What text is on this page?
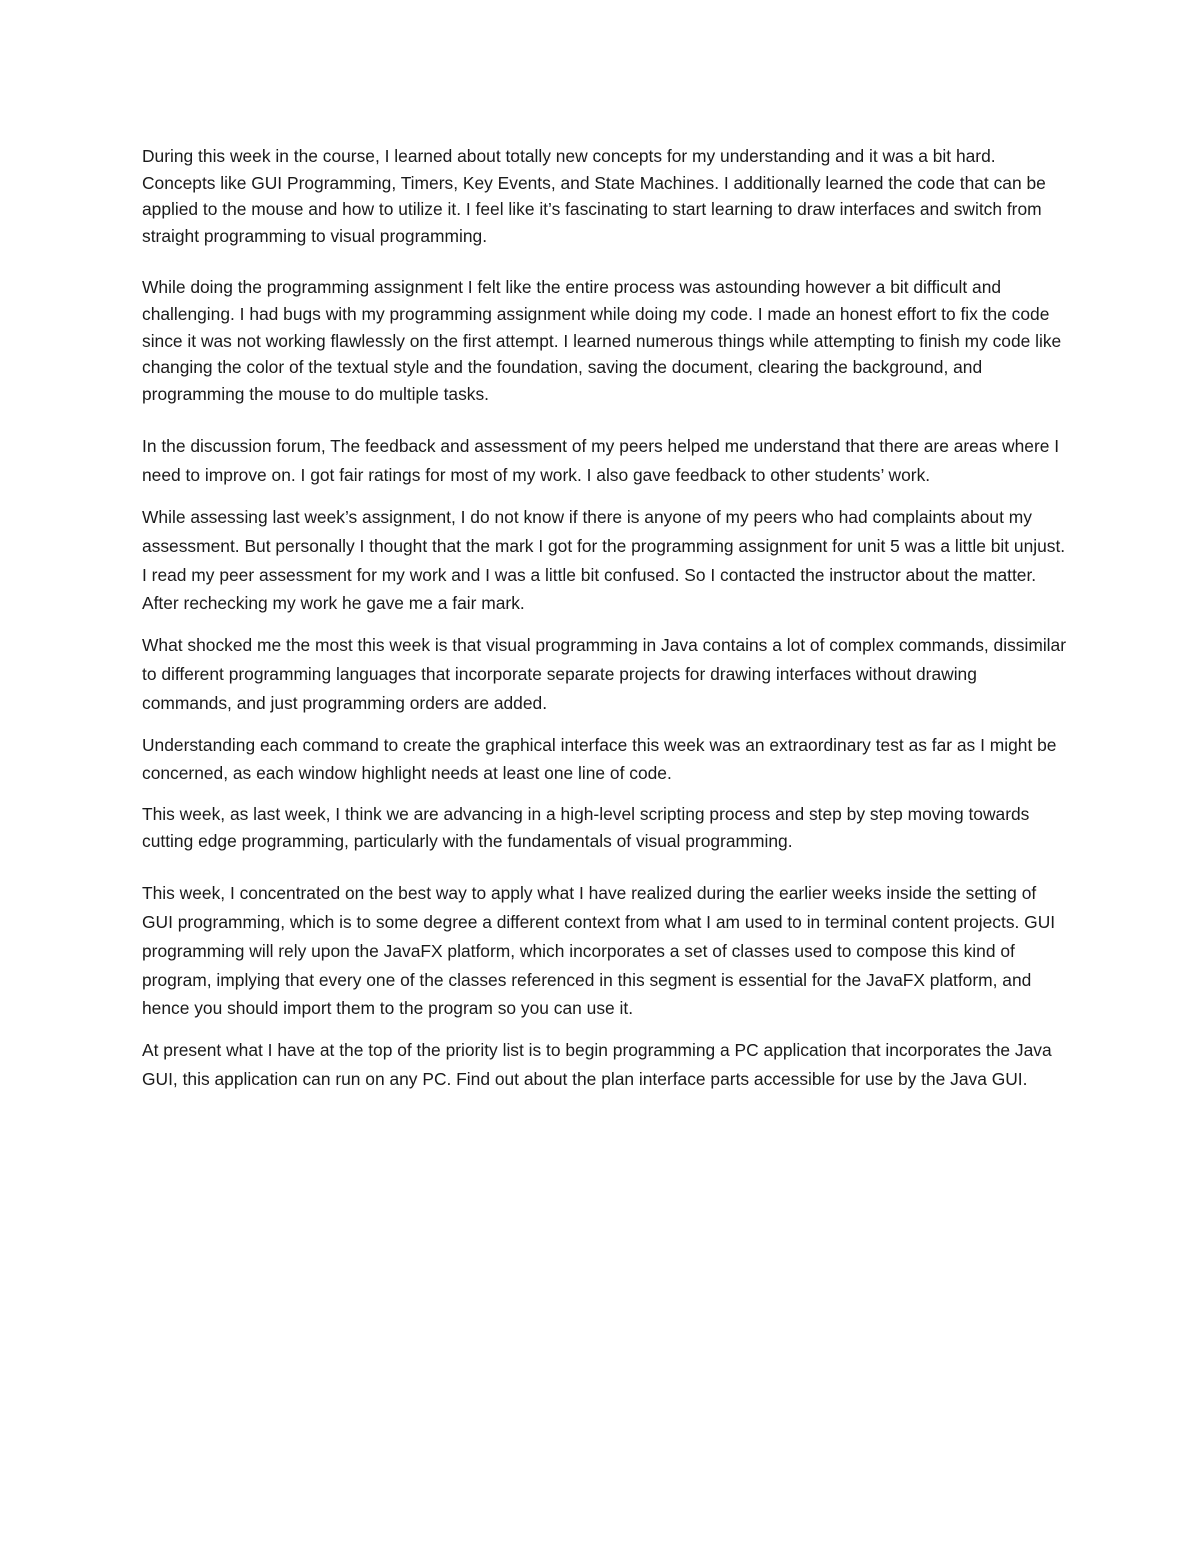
During this week in the course, I learned about totally new concepts for my understanding and it was a bit hard. Concepts like GUI Programming, Timers, Key Events, and State Machines. I additionally learned the code that can be applied to the mouse and how to utilize it. I feel like it’s fascinating to start learning to draw interfaces and switch from straight programming to visual programming.

While doing the programming assignment I felt like the entire process was astounding however a bit difficult and challenging. I had bugs with my programming assignment while doing my code. I made an honest effort to fix the code since it was not working flawlessly on the first attempt. I learned numerous things while attempting to finish my code like changing the color of the textual style and the foundation, saving the document, clearing the background, and programming the mouse to do multiple tasks.

In the discussion forum, The feedback and assessment of my peers helped me understand that there are areas where I need to improve on. I got fair ratings for most of my work. I also gave feedback to other students’ work.

While assessing last week’s assignment, I do not know if there is anyone of my peers who had complaints about my assessment. But personally I thought that the mark I got for the programming assignment for unit 5 was a little bit unjust. I read my peer assessment for my work and I was a little bit confused. So I contacted the instructor about the matter. After rechecking my work he gave me a fair mark.

What shocked me the most this week is that visual programming in Java contains a lot of complex commands, dissimilar to different programming languages that incorporate separate projects for drawing interfaces without drawing commands, and just programming orders are added.

Understanding each command to create the graphical interface this week was an extraordinary test as far as I might be concerned, as each window highlight needs at least one line of code.

This week, as last week, I think we are advancing in a high-level scripting process and step by step moving towards cutting edge programming, particularly with the fundamentals of visual programming.

This week, I concentrated on the best way to apply what I have realized during the earlier weeks inside the setting of GUI programming, which is to some degree a different context from what I am used to in terminal content projects. GUI programming will rely upon the JavaFX platform, which incorporates a set of classes used to compose this kind of program, implying that every one of the classes referenced in this segment is essential for the JavaFX platform, and hence you should import them to the program so you can use it.

At present what I have at the top of the priority list is to begin programming a PC application that incorporates the Java GUI, this application can run on any PC. Find out about the plan interface parts accessible for use by the Java GUI.
